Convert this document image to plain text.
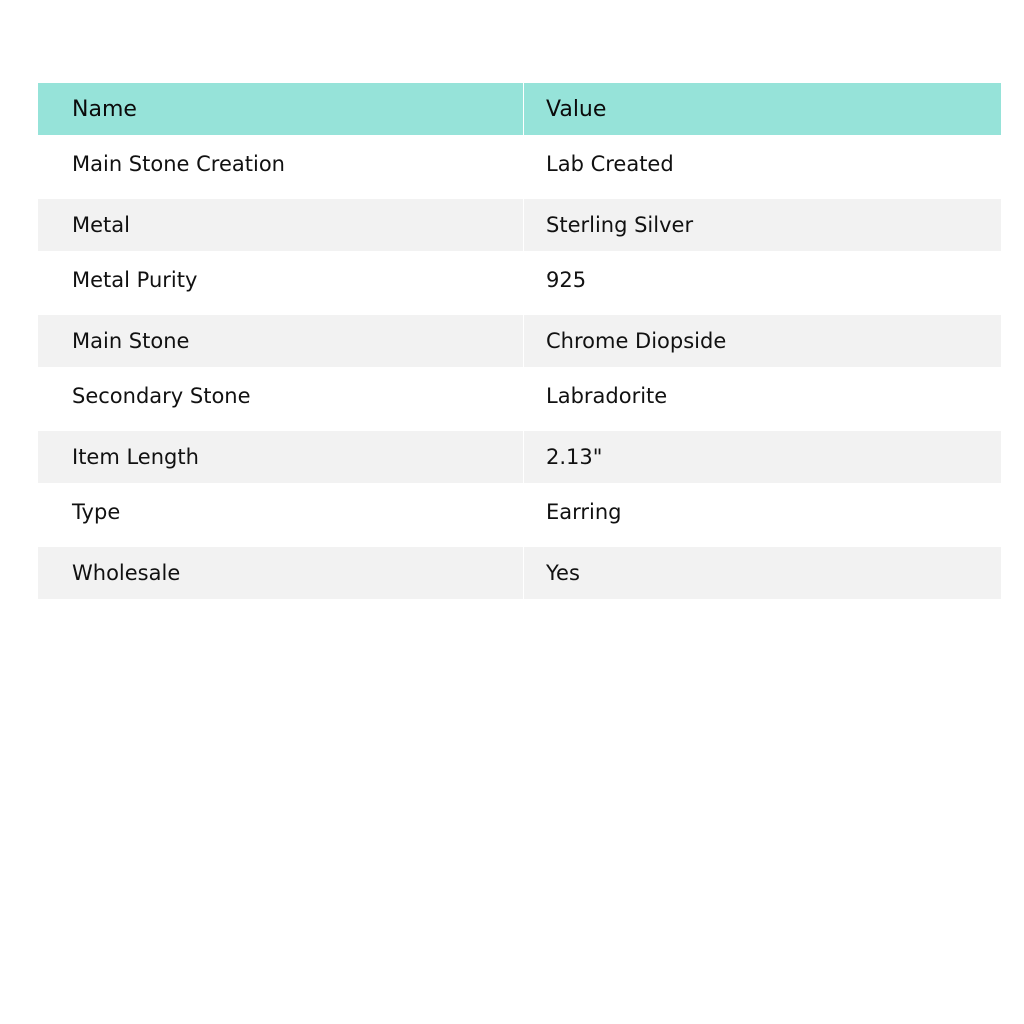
Name	Value
Main Stone Creation	Lab Created
Metal	Sterling Silver
Metal Purity	925
Main Stone	Chrome Diopside
Secondary Stone	Labradorite
Item Length	2.13"
Type	Earring
Wholesale	Yes
